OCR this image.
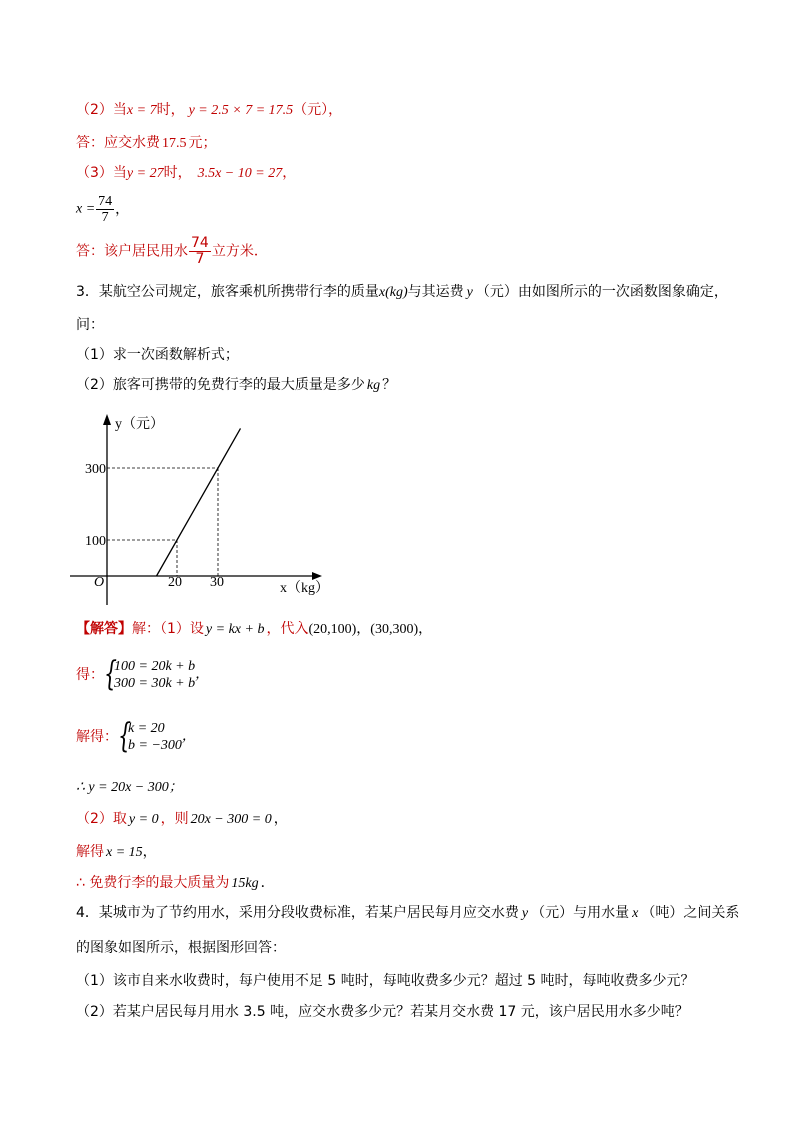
（2）当x = 7时， y = 2.5 × 7 = 17.5（元），
答：应交水费 17.5 元；
（3）当y = 27时， 3.5x − 10 = 27，
$x = \frac{74}{7}$ ，
答：该户居民用水 $\frac{74}{7}$ 立方米．
3．某航空公司规定，旅客乘机所携带行李的质量x(kg)与其运费 y （元）由如图所示的一次函数图象确定，
问：
（1）求一次函数解析式；
（2）旅客可携带的免费行李的最大质量是多少 kg ？
y（元）
x（kg）
O
300
100
20 30
【解答】解：（1）设 y = kx + b ，代入(20,100)，(30,300)，
得： {
100 = 20k + b
300 = 30k + b
，
解得： {
k = 20
b = −300
，
∴ y = 20x − 300；
（2）取 y = 0 ，则 20x − 300 = 0 ，
解得 x = 15，
∴ 免费行李的最大质量为 15kg ．
4．某城市为了节约用水，采用分段收费标准，若某户居民每月应交水费 y （元）与用水量 x （吨）之间关系
的图象如图所示，根据图形回答：
（1）该市自来水收费时，每户使用不足 5 吨时，每吨收费多少元？超过 5 吨时，每吨收费多少元？
（2）若某户居民每月用水 3.5 吨，应交水费多少元？若某月交水费 17 元，该户居民用水多少吨？
